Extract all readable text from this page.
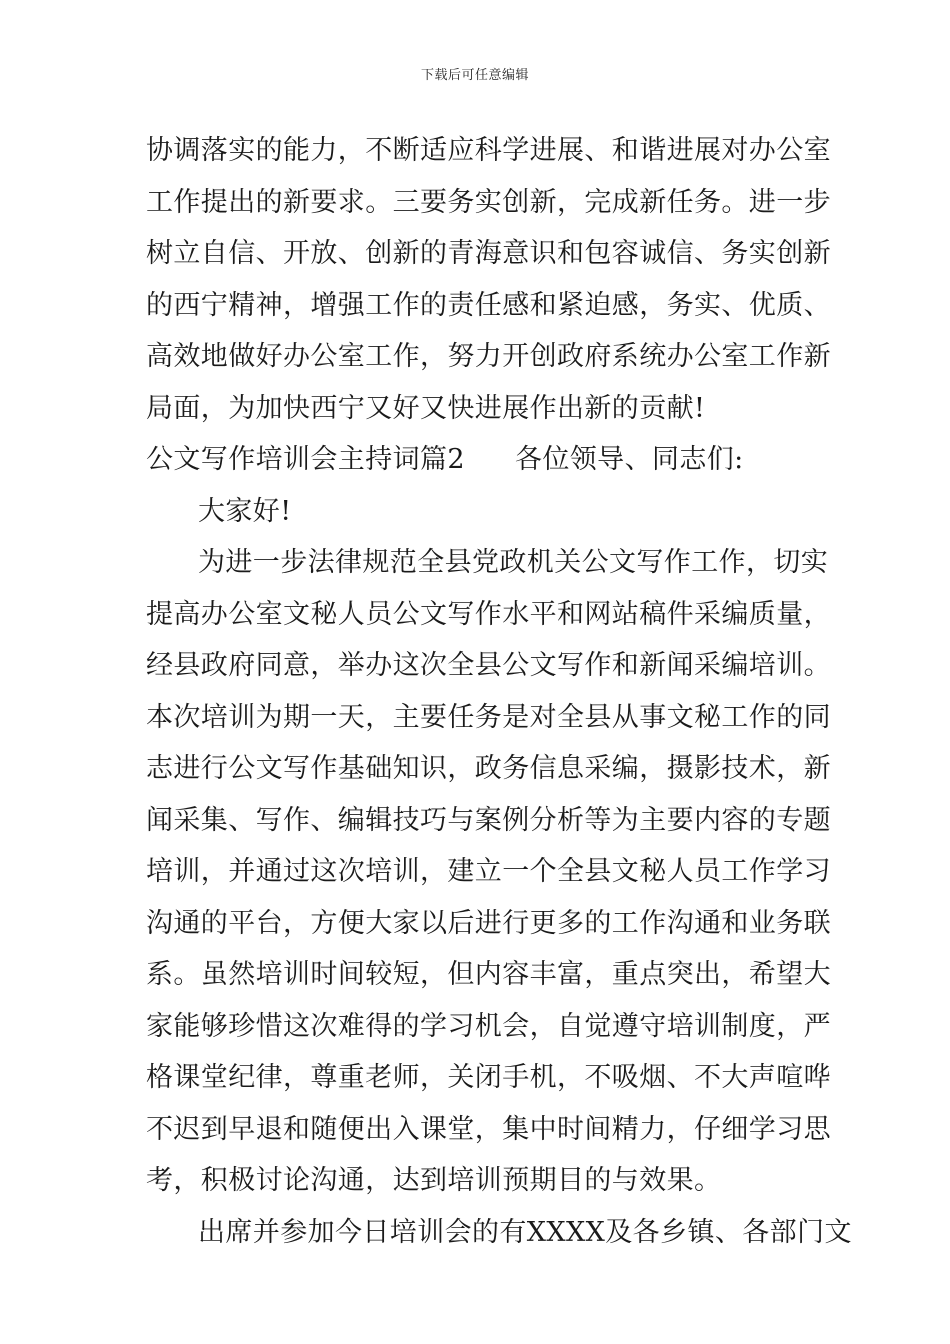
下载后可任意编辑
协调落实的能力，不断适应科学进展、和谐进展对办公室
工作提出的新要求。三要务实创新，完成新任务。进一步
树立自信、开放、创新的青海意识和包容诚信、务实创新
的西宁精神，增强工作的责任感和紧迫感，务实、优质、
高效地做好办公室工作，努力开创政府系统办公室工作新
局面，为加快西宁又好又快进展作出新的贡献!
公文写作培训会主持词篇2 各位领导、同志们:
大家好!
为进一步法律规范全县党政机关公文写作工作，切实
提高办公室文秘人员公文写作水平和网站稿件采编质量，
经县政府同意，举办这次全县公文写作和新闻采编培训。
本次培训为期一天，主要任务是对全县从事文秘工作的同
志进行公文写作基础知识，政务信息采编，摄影技术，新
闻采集、写作、编辑技巧与案例分析等为主要内容的专题
培训，并通过这次培训，建立一个全县文秘人员工作学习
沟通的平台，方便大家以后进行更多的工作沟通和业务联
系。虽然培训时间较短，但内容丰富，重点突出，希望大
家能够珍惜这次难得的学习机会，自觉遵守培训制度，严
格课堂纪律，尊重老师，关闭手机，不吸烟、不大声喧哗
不迟到早退和随便出入课堂，集中时间精力，仔细学习思
考，积极讨论沟通，达到培训预期目的与效果。
出席并参加今日培训会的有XXXX及各乡镇、各部门文
